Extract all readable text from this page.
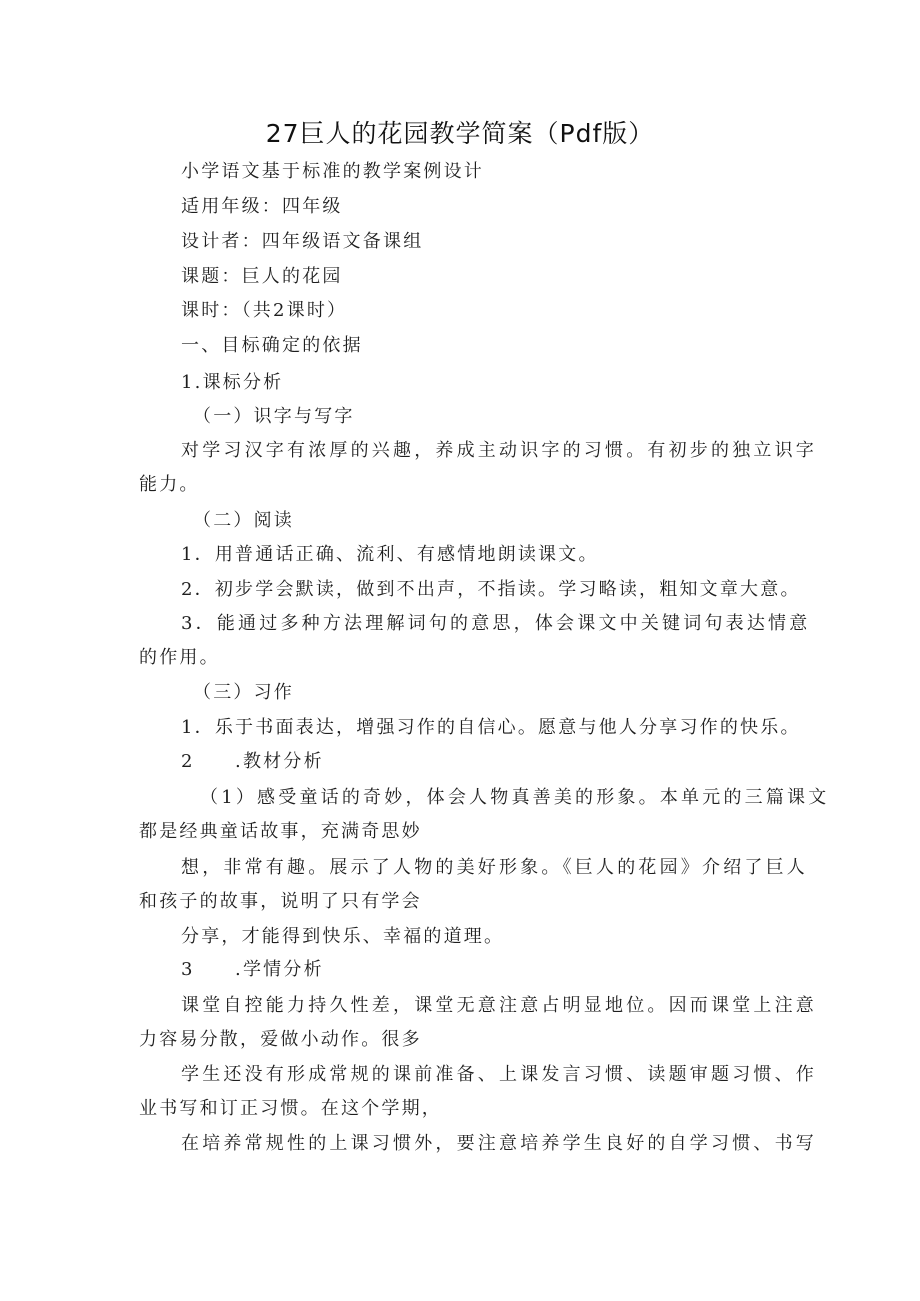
27巨人的花园教学简案（Pdf版）
小学语文基于标准的教学案例设计
适用年级：四年级
设计者：四年级语文备课组
课题：巨人的花园
课时：（共2课时）
一、目标确定的依据
1.课标分析
（一）识字与写字
对学习汉字有浓厚的兴趣，养成主动识字的习惯。有初步的独立识字
能力。
（二）阅读
1．用普通话正确、流利、有感情地朗读课文。
2．初步学会默读，做到不出声，不指读。学习略读，粗知文章大意。
3．能通过多种方法理解词句的意思，体会课文中关键词句表达情意
的作用。
（三）习作
1．乐于书面表达，增强习作的自信心。愿意与他人分享习作的快乐。
2　　.教材分析
（1）感受童话的奇妙，体会人物真善美的形象。本单元的三篇课文
都是经典童话故事，充满奇思妙
想，非常有趣。展示了人物的美好形象。《巨人的花园》介绍了巨人
和孩子的故事，说明了只有学会
分享，才能得到快乐、幸福的道理。
3　　.学情分析
课堂自控能力持久性差，课堂无意注意占明显地位。因而课堂上注意
力容易分散，爱做小动作。很多
学生还没有形成常规的课前准备、上课发言习惯、读题审题习惯、作
业书写和订正习惯。在这个学期，
在培养常规性的上课习惯外，要注意培养学生良好的自学习惯、书写
